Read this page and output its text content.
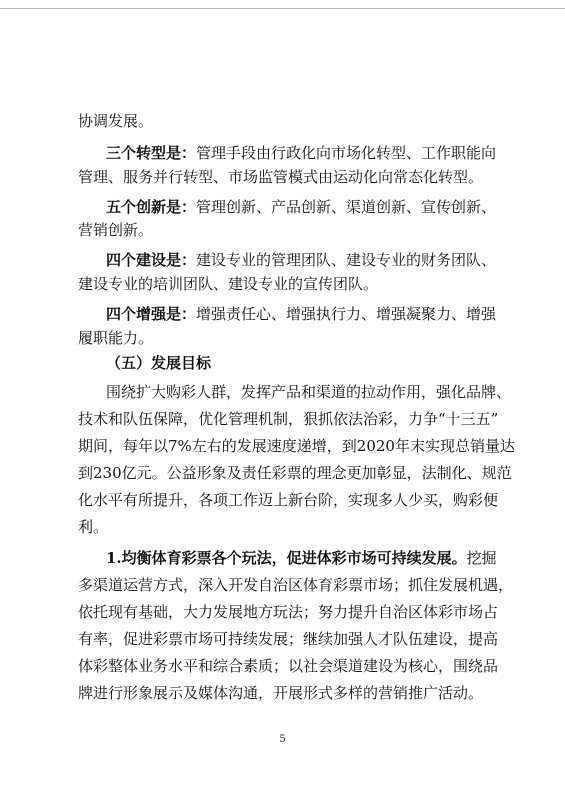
协调发展。
三个转型是：管理手段由行政化向市场化转型、工作职能向
管理、服务并行转型、市场监管模式由运动化向常态化转型。
五个创新是：管理创新、产品创新、渠道创新、宣传创新、
营销创新。
四个建设是：建设专业的管理团队、建设专业的财务团队、
建设专业的培训团队、建设专业的宣传团队。
四个增强是：增强责任心、增强执行力、增强凝聚力、增强
履职能力。
（五）发展目标
围绕扩大购彩人群，发挥产品和渠道的拉动作用，强化品牌、
技术和队伍保障，优化管理机制，狠抓依法治彩，力争“十三五”
期间，每年以7%左右的发展速度递增，到2020年末实现总销量达
到230亿元。公益形象及责任彩票的理念更加彰显，法制化、规范
化水平有所提升，各项工作迈上新台阶，实现多人少买，购彩便
利。
1.均衡体育彩票各个玩法，促进体彩市场可持续发展。挖掘
多渠道运营方式，深入开发自治区体育彩票市场；抓住发展机遇，
依托现有基础，大力发展地方玩法；努力提升自治区体彩市场占
有率，促进彩票市场可持续发展；继续加强人才队伍建设，提高
体彩整体业务水平和综合素质；以社会渠道建设为核心，围绕品
牌进行形象展示及媒体沟通，开展形式多样的营销推广活动。
5
